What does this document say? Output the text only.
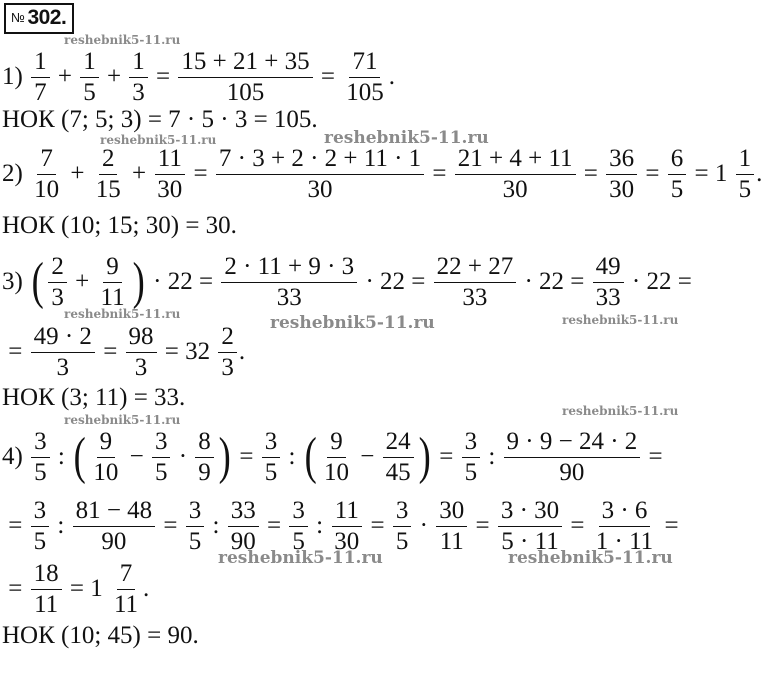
№ 302.
1)
$\frac{1}{7} + \frac{1}{5} + \frac{1}{3} = \frac{15 + 21 + 35}{105} = \frac{71}{105}$ .
НОК (7; 5; 3) = 7 · 5 · 3 = 105.
2)
$\frac{7}{10} + \frac{2}{15} + \frac{11}{30} = \frac{7 \cdot 3 + 2 \cdot 2 + 11 \cdot 1}{30} = \frac{21 + 4 + 11}{30} = \frac{36}{30} = \frac{6}{5} = 1 \frac{1}{5}$ .
НОК (10; 15; 30) = 30.
3)
( $\frac{2}{3} + \frac{9}{11}$ ) · $22 = \frac{2 \cdot 11 + 9 \cdot 3}{33} \cdot 22 = \frac{22 + 27}{33} \cdot 22 = \frac{49}{33} \cdot 22$ =
= $\frac{49 \cdot 2}{3} = \frac{98}{3} = 32 \frac{2}{3}$ .
НОК (3; 11) = 33.
4)
$\frac{3}{5}$ : ( $\frac{9}{10} - \frac{3}{5} \cdot \frac{8}{9}$ ) = $\frac{3}{5}$ : ( $\frac{9}{10} - \frac{24}{45}$ ) = $\frac{3}{5}$ : $\frac{9 \cdot 9 - 24 \cdot 2}{90}$ =
= $\frac{3}{5}$ : $\frac{81 - 48}{90} = \frac{3}{5}$ : $\frac{33}{90} = \frac{3}{5}$ : $\frac{11}{30} = \frac{3}{5} \cdot \frac{30}{11} = \frac{3 \cdot 30}{5 \cdot 11} = \frac{3 \cdot 6}{1 \cdot 11}$ =
= $\frac{18}{11} = 1 \frac{7}{11}$ .
НОК (10; 45) = 90.
reshebnik5-11.ru
reshebnik5-11.ru	reshebnik5-11.ru
reshebnik5-11.ru	reshebnik5-11.ru	reshebnik5-11.ru
reshebnik5-11.ru
reshebnik5-11.ru
reshebnik5-11.ru	reshebnik5-11.ru
